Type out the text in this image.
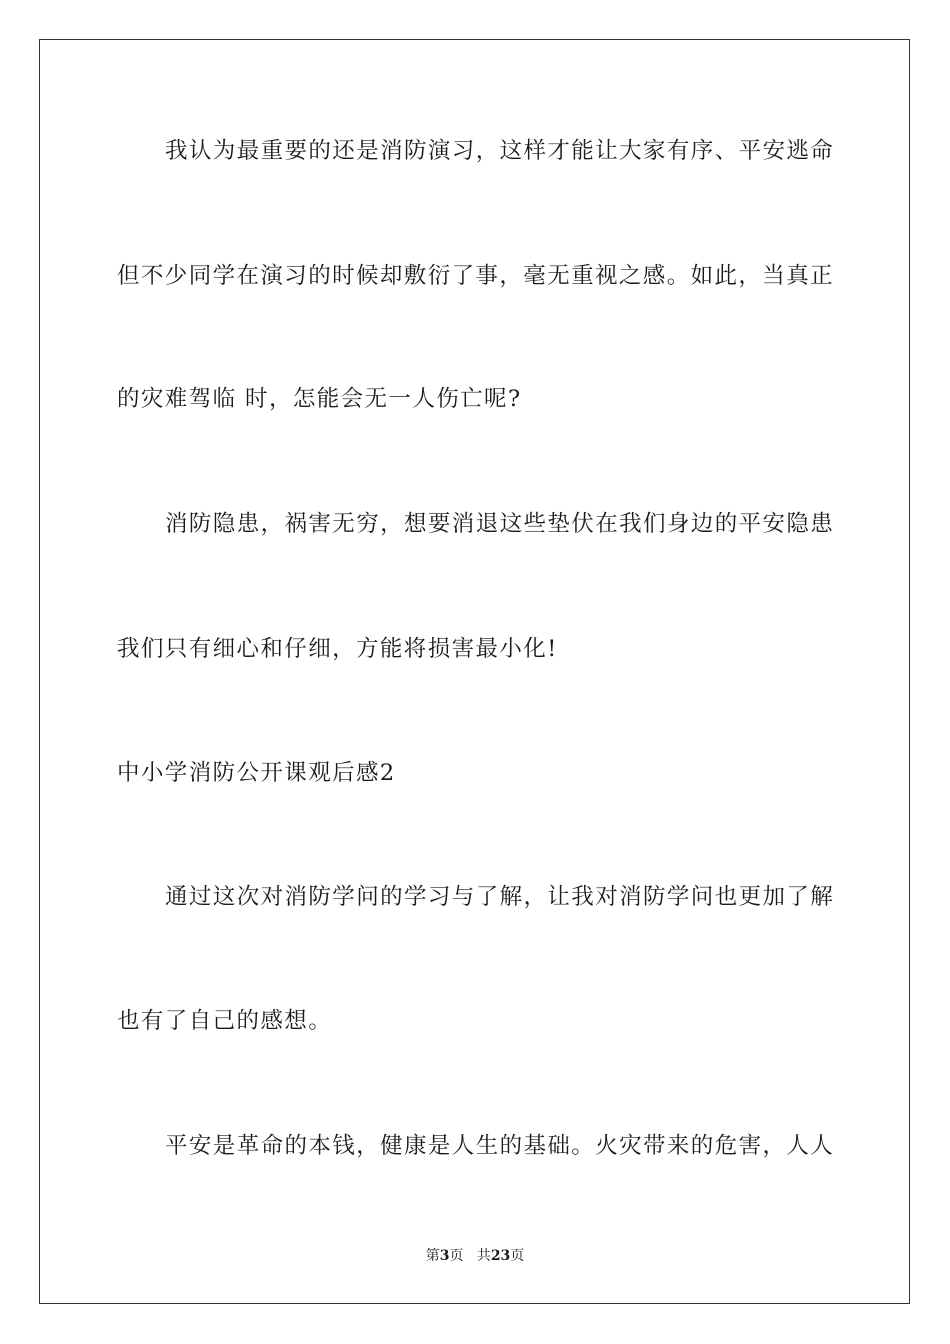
我认为最重要的还是消防演习，这样才能让大家有序、平安逃命
但不少同学在演习的时候却敷衍了事，毫无重视之感。如此，当真正
的灾难驾临 时，怎能会无一人伤亡呢?
消防隐患，祸害无穷，想要消退这些垫伏在我们身边的平安隐患
我们只有细心和仔细，方能将损害最小化!
中小学消防公开课观后感2
通过这次对消防学问的学习与了解，让我对消防学问也更加了解
也有了自己的感想。
平安是革命的本钱，健康是人生的基础。火灾带来的危害，人人
第3页 共23页
